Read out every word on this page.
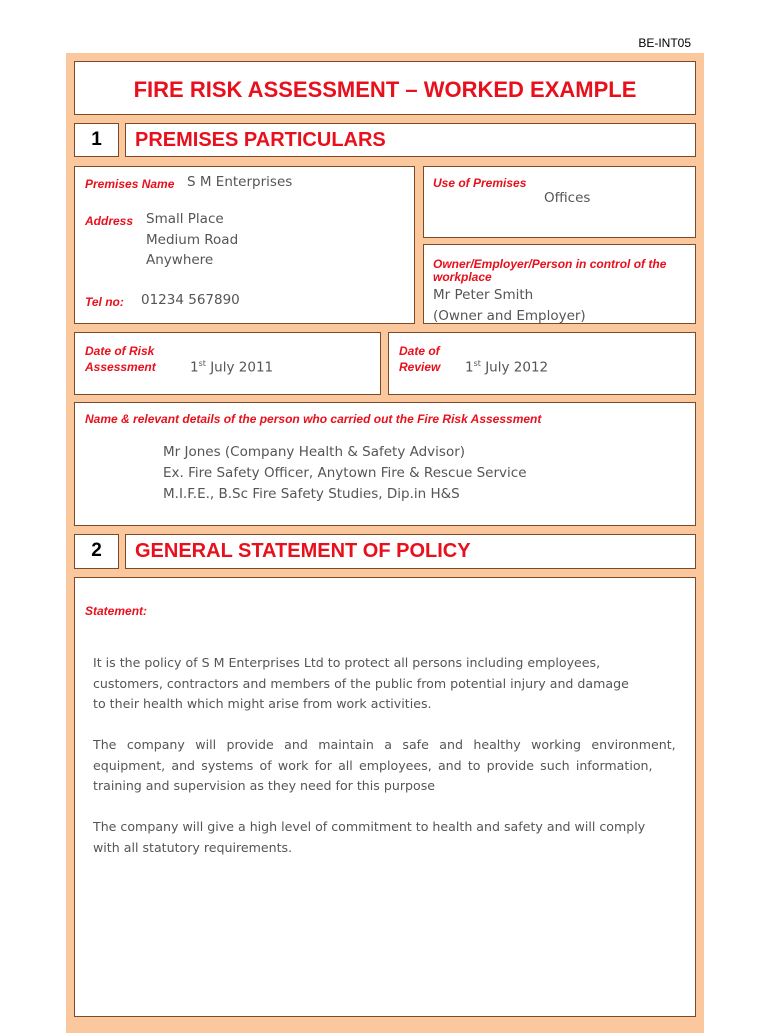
BE-INT05
FIRE RISK ASSESSMENT – WORKED EXAMPLE
1	PREMISES PARTICULARS
Premises Name S M Enterprises
Address Small Place
Medium Road
Anywhere
Tel no: 01234 567890
Use of Premises
Offices
Owner/Employer/Person in control of the workplace
Mr Peter Smith
(Owner and Employer)
Date of Risk
Assessment	1st July 2011
Date of
Review 1st July 2012
Name & relevant details of the person who carried out the Fire Risk Assessment
Mr Jones (Company Health & Safety Advisor)
Ex. Fire Safety Officer, Anytown Fire & Rescue Service
M.I.F.E., B.Sc Fire Safety Studies, Dip.in H&S
2	GENERAL STATEMENT OF POLICY
Statement:
It is the policy of S M Enterprises Ltd to protect all persons including employees,
customers, contractors and members of the public from potential injury and damage
to their health which might arise from work activities.
The company will provide and maintain a safe and healthy working environment,
equipment, and systems of work for all employees, and to provide such information,
training and supervision as they need for this purpose
The company will give a high level of commitment to health and safety and will comply
with all statutory requirements.
